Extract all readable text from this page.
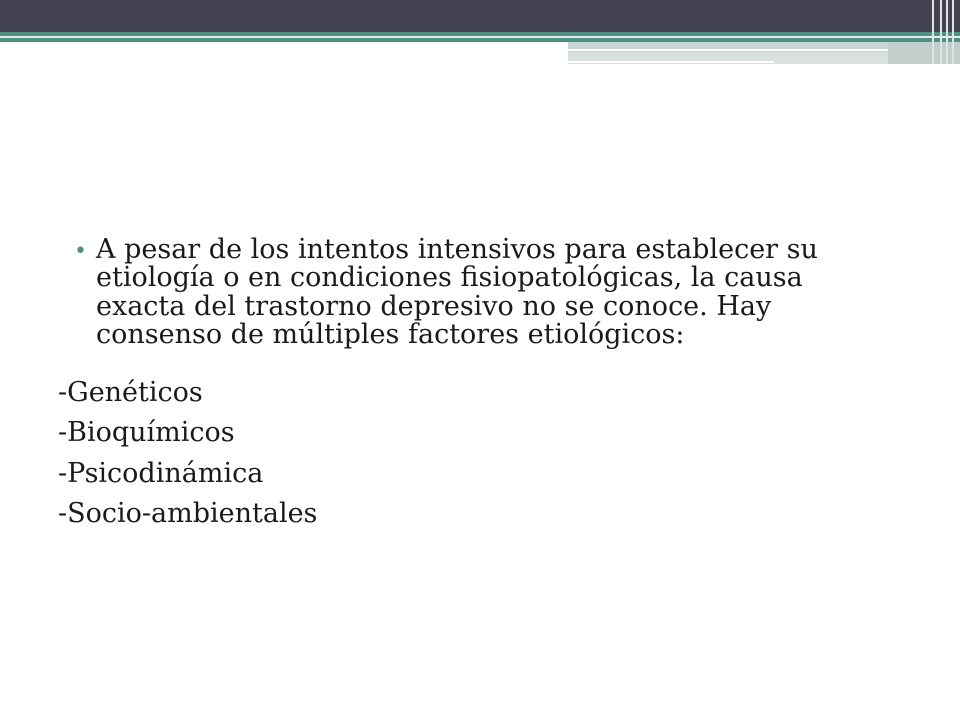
• A pesar de los intentos intensivos para establecer su etiología o en condiciones fisiopatológicas, la causa exacta del trastorno depresivo no se conoce. Hay consenso de múltiples factores etiológicos:

-Genéticos
-Bioquímicos
-Psicodinámica
-Socio-ambientales
